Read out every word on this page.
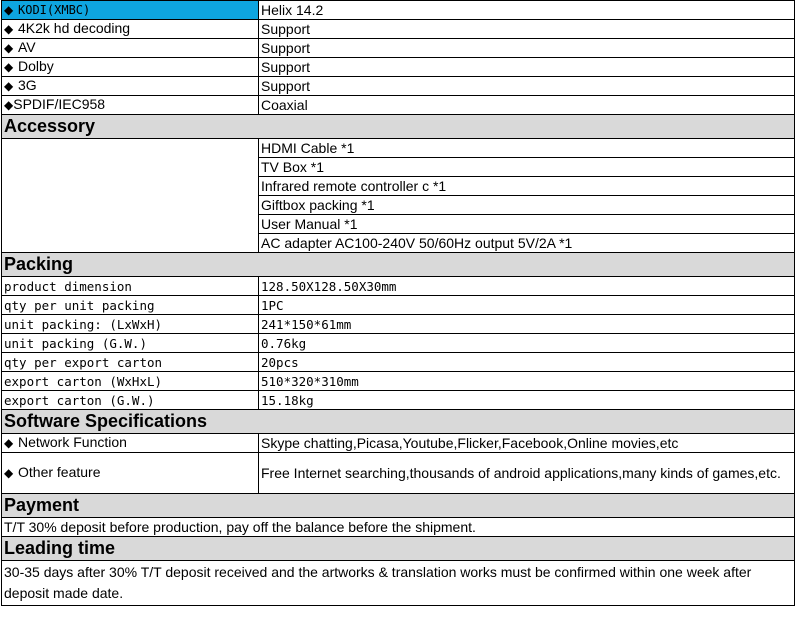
◆ KODI(XMBC)	Helix 14.2
◆ 4K2k hd decoding	Support
◆ AV	Support
◆ Dolby	Support
◆ 3G	Support
◆SPDIF/IEC958	Coaxial
Accessory	
	HDMI Cable *1
	TV Box *1
	Infrared remote controller c *1
	Giftbox packing *1
	User Manual *1
	AC adapter AC100-240V 50/60Hz output 5V/2A *1
Packing	
product dimension	128.50X128.50X30mm
qty per unit packing	1PC
unit packing: (LxWxH)	241*150*61mm
unit packing (G.W.)	0.76kg
qty per export carton	20pcs
export carton (WxHxL)	510*320*310mm
export carton (G.W.)	15.18kg
Software Specifications	
◆ Network Function	Skype chatting,Picasa,Youtube,Flicker,Facebook,Online movies,etc
◆ Other feature	Free Internet searching,thousands of android applications,many kinds of games,etc.
Payment	
T/T 30% deposit before production, pay off the balance before the shipment.	
Leading time	
30-35 days after 30% T/T deposit received and the artworks & translation works must be confirmed within one week after deposit made date.	
